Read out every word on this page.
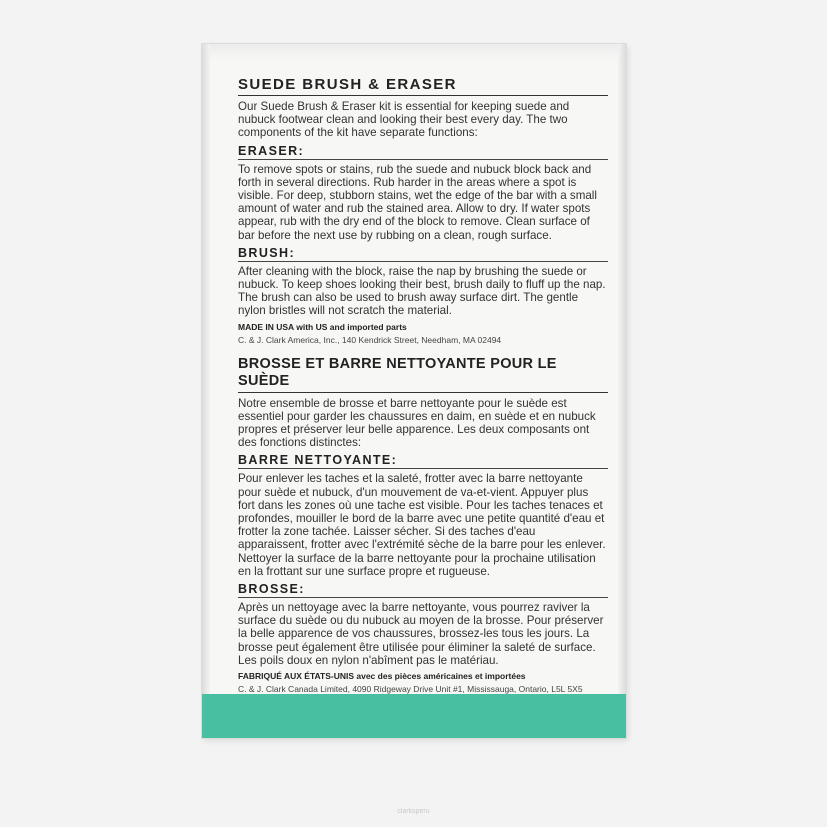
SUEDE BRUSH & ERASER

Our Suede Brush & Eraser kit is essential for keeping suede and nubuck footwear clean and looking their best every day. The two components of the kit have separate functions:

ERASER:

To remove spots or stains, rub the suede and nubuck block back and forth in several directions. Rub harder in the areas where a spot is visible. For deep, stubborn stains, wet the edge of the bar with a small amount of water and rub the stained area. Allow to dry. If water spots appear, rub with the dry end of the block to remove. Clean surface of bar before the next use by rubbing on a clean, rough surface.

BRUSH:

After cleaning with the block, raise the nap by brushing the suede or nubuck. To keep shoes looking their best, brush daily to fluff up the nap. The brush can also be used to brush away surface dirt. The gentle nylon bristles will not scratch the material.

MADE IN USA with US and imported parts

C. & J. Clark America, Inc., 140 Kendrick Street, Needham, MA 02494

BROSSE ET BARRE NETTOYANTE POUR LE SUÈDE

Notre ensemble de brosse et barre nettoyante pour le suède est essentiel pour garder les chaussures en daim, en suède et en nubuck propres et préserver leur belle apparence. Les deux composants ont des fonctions distinctes:

BARRE NETTOYANTE:

Pour enlever les taches et la saleté, frotter avec la barre nettoyante pour suède et nubuck, d'un mouvement de va-et-vient. Appuyer plus fort dans les zones où une tache est visible. Pour les taches tenaces et profondes, mouiller le bord de la barre avec une petite quantité d'eau et frotter la zone tachée. Laisser sécher. Si des taches d'eau apparaissent, frotter avec l'extrémité sèche de la barre pour les enlever. Nettoyer la surface de la barre nettoyante pour la prochaine utilisation en la frottant sur une surface propre et rugueuse.

BROSSE:

Après un nettoyage avec la barre nettoyante, vous pourrez raviver la surface du suède ou du nubuck au moyen de la brosse. Pour préserver la belle apparence de vos chaussures, brossez-les tous les jours. La brosse peut également être utilisée pour éliminer la saleté de surface. Les poils doux en nylon n'abîment pas le matériau.

FABRIQUÉ AUX ÉTATS-UNIS avec des pièces américaines et importées

C. & J. Clark Canada Limited, 4090 Ridgeway Drive Unit #1, Mississauga, Ontario, L5L 5X5

clarksperu
